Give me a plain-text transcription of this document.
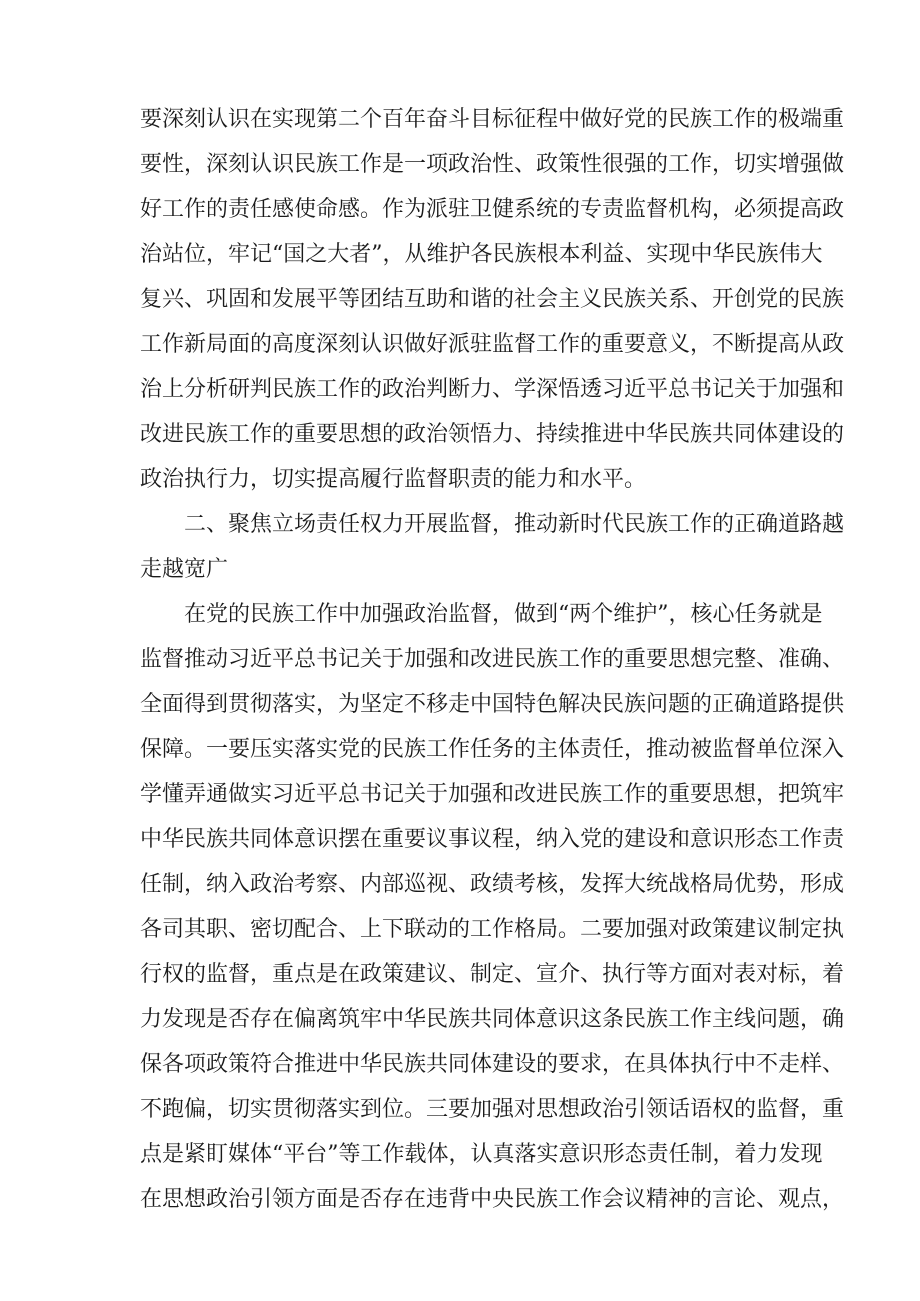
要深刻认识在实现第二个百年奋斗目标征程中做好党的民族工作的极端重
要性，深刻认识民族工作是一项政治性、政策性很强的工作，切实增强做
好工作的责任感使命感。作为派驻卫健系统的专责监督机构，必须提高政
治站位，牢记“国之大者”，从维护各民族根本利益、实现中华民族伟大
复兴、巩固和发展平等团结互助和谐的社会主义民族关系、开创党的民族
工作新局面的高度深刻认识做好派驻监督工作的重要意义，不断提高从政
治上分析研判民族工作的政治判断力、学深悟透习近平总书记关于加强和
改进民族工作的重要思想的政治领悟力、持续推进中华民族共同体建设的
政治执行力，切实提高履行监督职责的能力和水平。
二、聚焦立场责任权力开展监督，推动新时代民族工作的正确道路越
走越宽广
在党的民族工作中加强政治监督，做到“两个维护”，核心任务就是
监督推动习近平总书记关于加强和改进民族工作的重要思想完整、准确、
全面得到贯彻落实，为坚定不移走中国特色解决民族问题的正确道路提供
保障。一要压实落实党的民族工作任务的主体责任，推动被监督单位深入
学懂弄通做实习近平总书记关于加强和改进民族工作的重要思想，把筑牢
中华民族共同体意识摆在重要议事议程，纳入党的建设和意识形态工作责
任制，纳入政治考察、内部巡视、政绩考核，发挥大统战格局优势，形成
各司其职、密切配合、上下联动的工作格局。二要加强对政策建议制定执
行权的监督，重点是在政策建议、制定、宣介、执行等方面对表对标，着
力发现是否存在偏离筑牢中华民族共同体意识这条民族工作主线问题，确
保各项政策符合推进中华民族共同体建设的要求，在具体执行中不走样、
不跑偏，切实贯彻落实到位。三要加强对思想政治引领话语权的监督，重
点是紧盯媒体“平台”等工作载体，认真落实意识形态责任制，着力发现
在思想政治引领方面是否存在违背中央民族工作会议精神的言论、观点，
